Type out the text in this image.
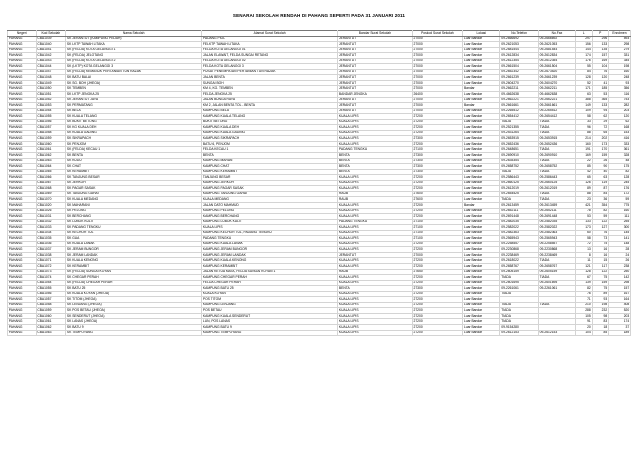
SENARAI SEKOLAH RENDAH DI PAHANG SEPERTI PADA 31 JANUARI 2011
Negeri	Kod Sekolah	Nama Sekolah	Alamat Surat Sekolah	Bandar Surat Sekolah	Poskod Surat Sekolah	Lokasi	No.Telefon	No.Fax	L	P	Enrolmen
PAHANG	CBA1039	SK JERANTUT (KAMPUNG PEDAH)	PADANG PIOL	JERANTUT	27000	Luar Bandar	09-2666692	09-2666692	297	296	593
PAHANG	CBA1040	SK LKTP TAWAH LITAKA	FELKTP TAWAH LITAKA	JERANTUT	27000	Luar Bandar	09-2621053	09-2621053	156	133	298
PAHANG	CBA1041	SK (FELDA) KOTA GELANGGI 1	FELDA KOTA GELANGGI 01	JERANTUT	27000	Luar Bandar	09-2681544	09-2681544	144	135	279
PAHANG	CBA1042	SK (FELDA) JELOTANG	JALAN ELAWAIT, FELDA SUNGAI RETANG	JERANTUT	27000	Luar Bandar	09-2612834	09-2612834	174	157	331
PAHANG	CBA1043	SK (FELDA) KOTA GELANGGI 2	FELDA KOTA GELANGGI 02	JERANTUT	27000	Luar Bandar	09-2612354	09-2612354	176	169	345
PAHANG	CBA1044	SK (LKTP) KOTA GELANGGI 3	FELDA KOTA GELANGGI 3	JERANTUT	27000	Luar Bandar	09-2661504	09-2661504	55	104	198
PAHANG	CBA1047	SK (FELDA) KEMASUK PERTANIAN TUN RAZAK	PUSAT PENEMPATAN PERTANIAN TUN RAZAK	JERANTUT	27000	Luar Bandar	09-2652342	09-2673520	84	76	160
PAHANG	CBA1048	SK BATU BALAI	JALAN BENTA	JERANTUT	27000	Luar Bandar	09-2661239	09-2661239	128	120	248
PAHANG	CBA1049	SK SG. BOH (JHEOA)	SUNGAI BOH	JERANTUT	27000	Luar Bandar	09-2604270	09-2604270	52	41	93
PAHANG	CBA1050	SK TEMBEN	KM 4, KG. TEMBEN	JERANTUT	27000	Bandar	09-2662211	09-2662211	171	185	356
PAHANG	CBA1051	SK LKTP JENGKA 25	FELDA JENGKA 25	BANDAR JENGKA	26400	Luar Bandar	09-4662638	09-4662638	63	53	116
PAHANG	CBA1052	SK JERANTUT JAYA	JALAN BUNGA RAYA	JERANTUT	27000	Luar Bandar	09-2662221	09-2662221	388	365	753
PAHANG	CBA1053	SK PERMATANG	KM 2, JALAN BENTA TOL - BENTA	JERANTUT	27000	Bandar	09-2661661	09-2661661	149	133	282
PAHANG	CBA1054	SK BELA	KAMPUNG BELA	JERANTUT	27000	Luar Bandar	09-2265512	09-2265512	109	94	203
PAHANG	CBA1055	SK KUALA TELANG	KAMPUNG KUALA TELANG	KUALA LIPIS	27200	Luar Bandar	09-2654412	09-2654412	58	62	120
PAHANG	CBA1056	SK BUKIT BETONG	BUKIT BETONG	KUALA LIPIS	27200	Luar Bandar	TIADA	TIADA	33	29	62
PAHANG	CBA1057	SK KG KUALA DEH	KAMPUNG KUALA DEH	KUALA LIPIS	27200	Luar Bandar	09-2521355	TIADA	96	72	168
PAHANG	CBA1058	SK KUALA GADING	KAMPUNG KUALA GADING	KUALA LIPIS	27200	Luar Bandar	09-2531264	TIADA	88	65	153
PAHANG	CBA1059	SK SIKRAPACH	KAMPUNG SIKRAPACH	KUALA LIPIS	27300	Luar Bandar	09-2653915	09-2653915	214	202	416
PAHANG	CBA1060	SK PENJOM	BATU 6, PENJOM	KUALA LIPIS	27200	Luar Bandar	09-2652436	09-2652436	160	173	333
PAHANG	CBA1061	SK (FELDA) KECAU 1	FELDA KECAU 1	PADANG TENGKU	27100	Luar Bandar	09-2648651	TIADA	191	170	361
PAHANG	CBA1062	SK BENTA	BENTA	BENTA	27300	Luar Bandar	09-2690910	09-2690910	169	159	328
PAHANG	CBA1063	SK KUDU	KAMPUNG MARAN	BENTA	27300	Luar Bandar	09-2635354	TIADA	22	26	48
PAHANG	CBA1064	SK CHAT	KAMPUNG CHAT	BENTA	27300	Luar Bandar	09-2658752	09-2658752	85	90	175
PAHANG	CBA1065	SK KERAMBIT	KAMPUNG KERAMBIT	BENTA	27300	Luar Bandar	TIADA	TIADA	42	40	82
PAHANG	CBA1066	SK TANJUNG BESAR	TANJUNG BESAR	KUALA LIPIS	27200	Luar Bandar	09-2586443	09-2586443	65	63	128
PAHANG	CBA1067	SK JERKOH	KAMPUNG JERKOH	KUALA LIPIS	27200	Luar Bandar	09-2660125	09-2660125	126	119	245
PAHANG	CBA1068	SK PAGAR SASAK	KAMPUNG PAGAR SASAK	KUALA LIPIS	27200	Luar Bandar	09-2612019	09-2612019	89	87	176
PAHANG	CBA1069	SK TANJUNG GAHAI	KAMPUNG TANJUNG GAHAI	RAUB	27600	Luar Bandar	09-2654525	TIADA	88	84	172
PAHANG	CBA1070	SK KUALA MEDANG	KUALA MEDANG	RAUB	27600	Luar Bandar	TIADA	TIADA	23	36	59
PAHANG	CBA1020	SK MAHARANI	JALAN DATO MAHMUD	KUALA LIPIS	27200	Bandar	09-2613459	09-2613459	421	354	775
PAHANG	CBA1026	SK PELONG	KAMPUNG PELONG	KUALA LIPIS	27200	Luar Bandar	09-2652111	09-2652111	78	82	160
PAHANG	CBA1031	SK BERCHANG	KAMPUNG BERCHANG	KUALA LIPIS	27200	Luar Bandar	09-2691448	09-2691448	53	59	111
PAHANG	CBA1032	SK LUBOK KULIT	KAMPUNG LUBOK KULIT	PADANG TENGKU	27100	Luar Bandar	09-2582035	09-2582035	133	122	255
PAHANG	CBA1033	SK PADANG TENGKU	KUALA LIPIS	KUALA LIPIS	27100	Luar Bandar	09-2582022	09-2582022	173	127	300
PAHANG	CBA1034	SK KECHOR TUL	KAMPUNG KECHOR TUL, PADANG TENGKU	KUALA LIPIS	27100	Luar Bandar	09-2582363	09-2582363	60	76	145
PAHANG	CBA1035	SK GUA	PADANG TENGKU	KUALA LIPIS	27100	Luar Bandar	09-2565943	09-2565943	58	73	141
PAHANG	CBA1036	SK KUALA LANAK	KAMPUNG KUALA LANAK	KUALA LIPIS	27200	Luar Bandar	09-2258557	09-2258557	72	75	148
PAHANG	CBA1037	SK JERAM BUNGOR	KAMPUNG JERAM BUNGOR	KUALA LIPIS	27200	Luar Bandar	09-2230868	09-2230868	13	16	28
PAHANG	CBA1038	SK JERAM LANDAK	KAMPUNG JERAM LANDAK	JERANTUT	27000	Luar Bandar	09-2238469	09-2238469	8	16	24
PAHANG	CBA1071	SK KUALA KENONG	KAMPUNG KUALA KENONG	KUALA LIPIS	27200	Luar Bandar	09-2618022	TIADA	11	15	26
PAHANG	CBA1072	SK KERAMBIT	KAMPUNG KERAMBIT	KUALA LIPIS	27200	Luar Bandar	09-2658767	09-2658767	121	117	238
PAHANG	CBA1073	SK (FELDA) SUNGAI KOYAN	JALAN KETUA MATA, FELDA SUNGAI KOYAN 1	RAUB	27650	Luar Bandar	09-2605159	09-2605159	128	122	250
PAHANG	CBA1074	SK CHEGAR PERAH	KAMPUNG CHEGAR PERAH	KUALA LIPIS	27200	Luar Bandar	TIADA	TIADA	67	75	142
PAHANG	CBA1054	SK (FELDA) CHEGAR PERAH	FELDA CHEGAR PERAH	KUALA LIPIS	27200	Luar Bandar	09-2601695	09-2601695	139	159	298
PAHANG	CBA1055	SK BATU 25	KAMPUNG BATU 25	BENTA	27300	Luar Bandar	09-2261061	09-2261061	82	75	157
PAHANG	CBA1056	SK KUALA KOYAN (JHEOA)	KUALA KOYAN	KUALA LIPIS	27200	Luar Bandar	TIADA		76	89	167
PAHANG	CBA1057	SK TITOM (JHEOA)	POS TITOM	KUALA LIPIS	27200	Luar Bandar			71	93	164
PAHANG	CBA1058	SK LENJANG (JHEOA)	KAMPUNG LENJANG	KUALA LIPIS	27200	Luar Bandar	TIADA	TIADA	210	198	408
PAHANG	CBA1059	SK POS BETAU (JHEOA)	POS BETAU	KUALA LIPIS	27200	Luar Bandar	TIADA		288	232	520
PAHANG	CBA1060	SK SENDERUT (JHEOA)	KAMPUNG KUALA SENDERUT	KUALA LIPIS	27200	Luar Bandar	TIADA		105	98	203
PAHANG	CBA1061	SK LANAS (JHEOA)	LUN, POS LANAS	KUALA LIPIS	27200	Luar Bandar	TIADA		91	83	174
PAHANG	CBA1062	SK BATU 9	KAMPUNG BATU 9	KUALA LIPIS	27200	Luar Bandar	09-9154280		20	18	37
PAHANG	CBA1063	SK TEMPOYANG	KAMPUNG TEMPOYANG	KUALA LIPIS	27200	Luar Bandar	09-2612153	09-2612153	104	85	189
